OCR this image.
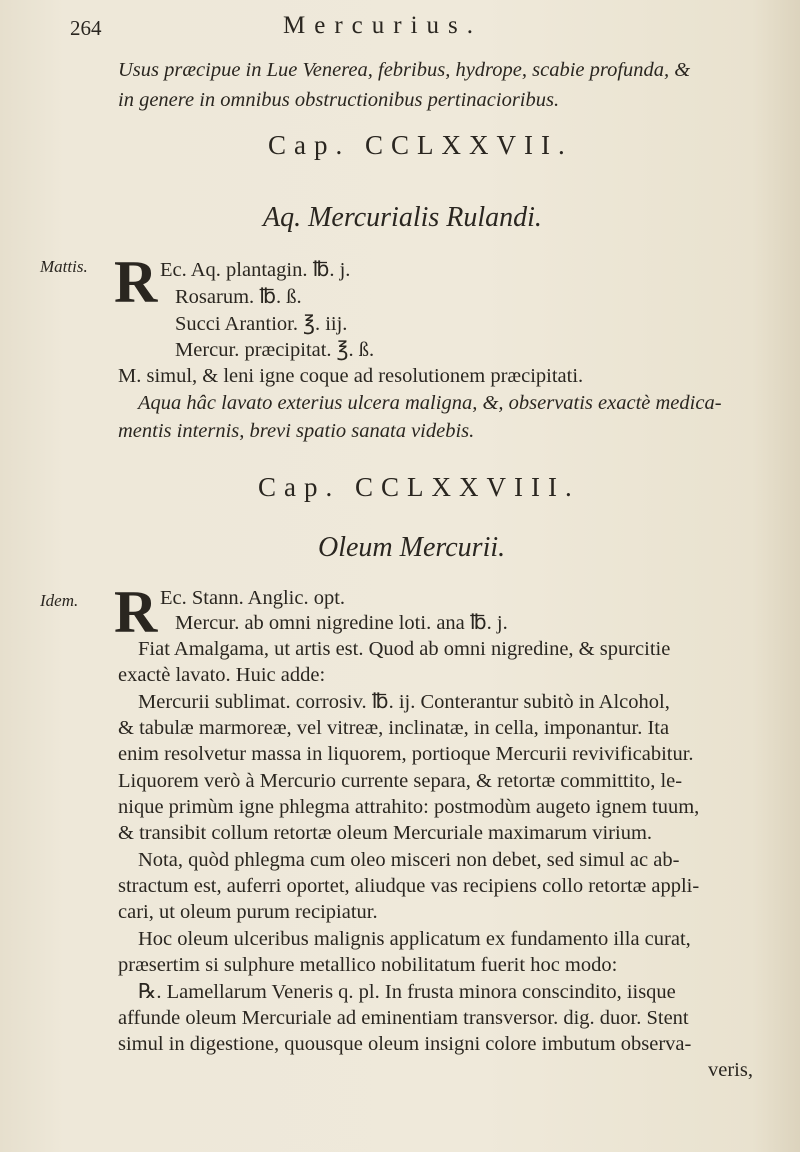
264	Mercurius.
Usus præcipue in Lue Venerea, febribus, hydrope, scabie profunda, &
in genere in omnibus obstructionibus pertinacioribus.
Cap. CCLXXVII.
Aq. Mercurialis Rulandi.
Mattis. R Ec. Aq. plantagin. ℔. j.
Rosarum. ℔. ß.
Succi Arantior. ℥. iij.
Mercur. præcipitat. ℥. ß.
M. simul, & leni igne coque ad resolutionem præcipitati.
Aqua hâc lavato exterius ulcera maligna, &, observatis exactè medica-
mentis internis, brevi spatio sanata videbis.
Cap. CCLXXVIII.
Oleum Mercurii.
Idem. R Ec. Stann. Anglic. opt.
Mercur. ab omni nigredine loti. ana ℔. j.
Fiat Amalgama, ut artis est. Quod ab omni nigredine, & spurcitie
exactè lavato. Huic adde:
Mercurii sublimat. corrosiv. ℔. ij. Conterantur subitò in Alcohol,
& tabulæ marmoreæ, vel vitreæ, inclinatæ, in cella, imponantur. Ita
enim resolvetur massa in liquorem, portioque Mercurii revivificabitur.
Liquorem verò à Mercurio currente separa, & retortæ committito, le-
nique primùm igne phlegma attrahito: postmodùm augeto ignem tuum,
& transibit collum retortæ oleum Mercuriale maximarum virium.
Nota, quòd phlegma cum oleo misceri non debet, sed simul ac ab-
stractum est, auferri oportet, aliudque vas recipiens collo retortæ appli-
cari, ut oleum purum recipiatur.
Hoc oleum ulceribus malignis applicatum ex fundamento illa curat,
præsertim si sulphure metallico nobilitatum fuerit hoc modo:
℞. Lamellarum Veneris q. pl. In frusta minora conscindito, iisque
affunde oleum Mercuriale ad eminentiam transversor. dig. duor. Stent
simul in digestione, quousque oleum insigni colore imbutum observa-
veris,
